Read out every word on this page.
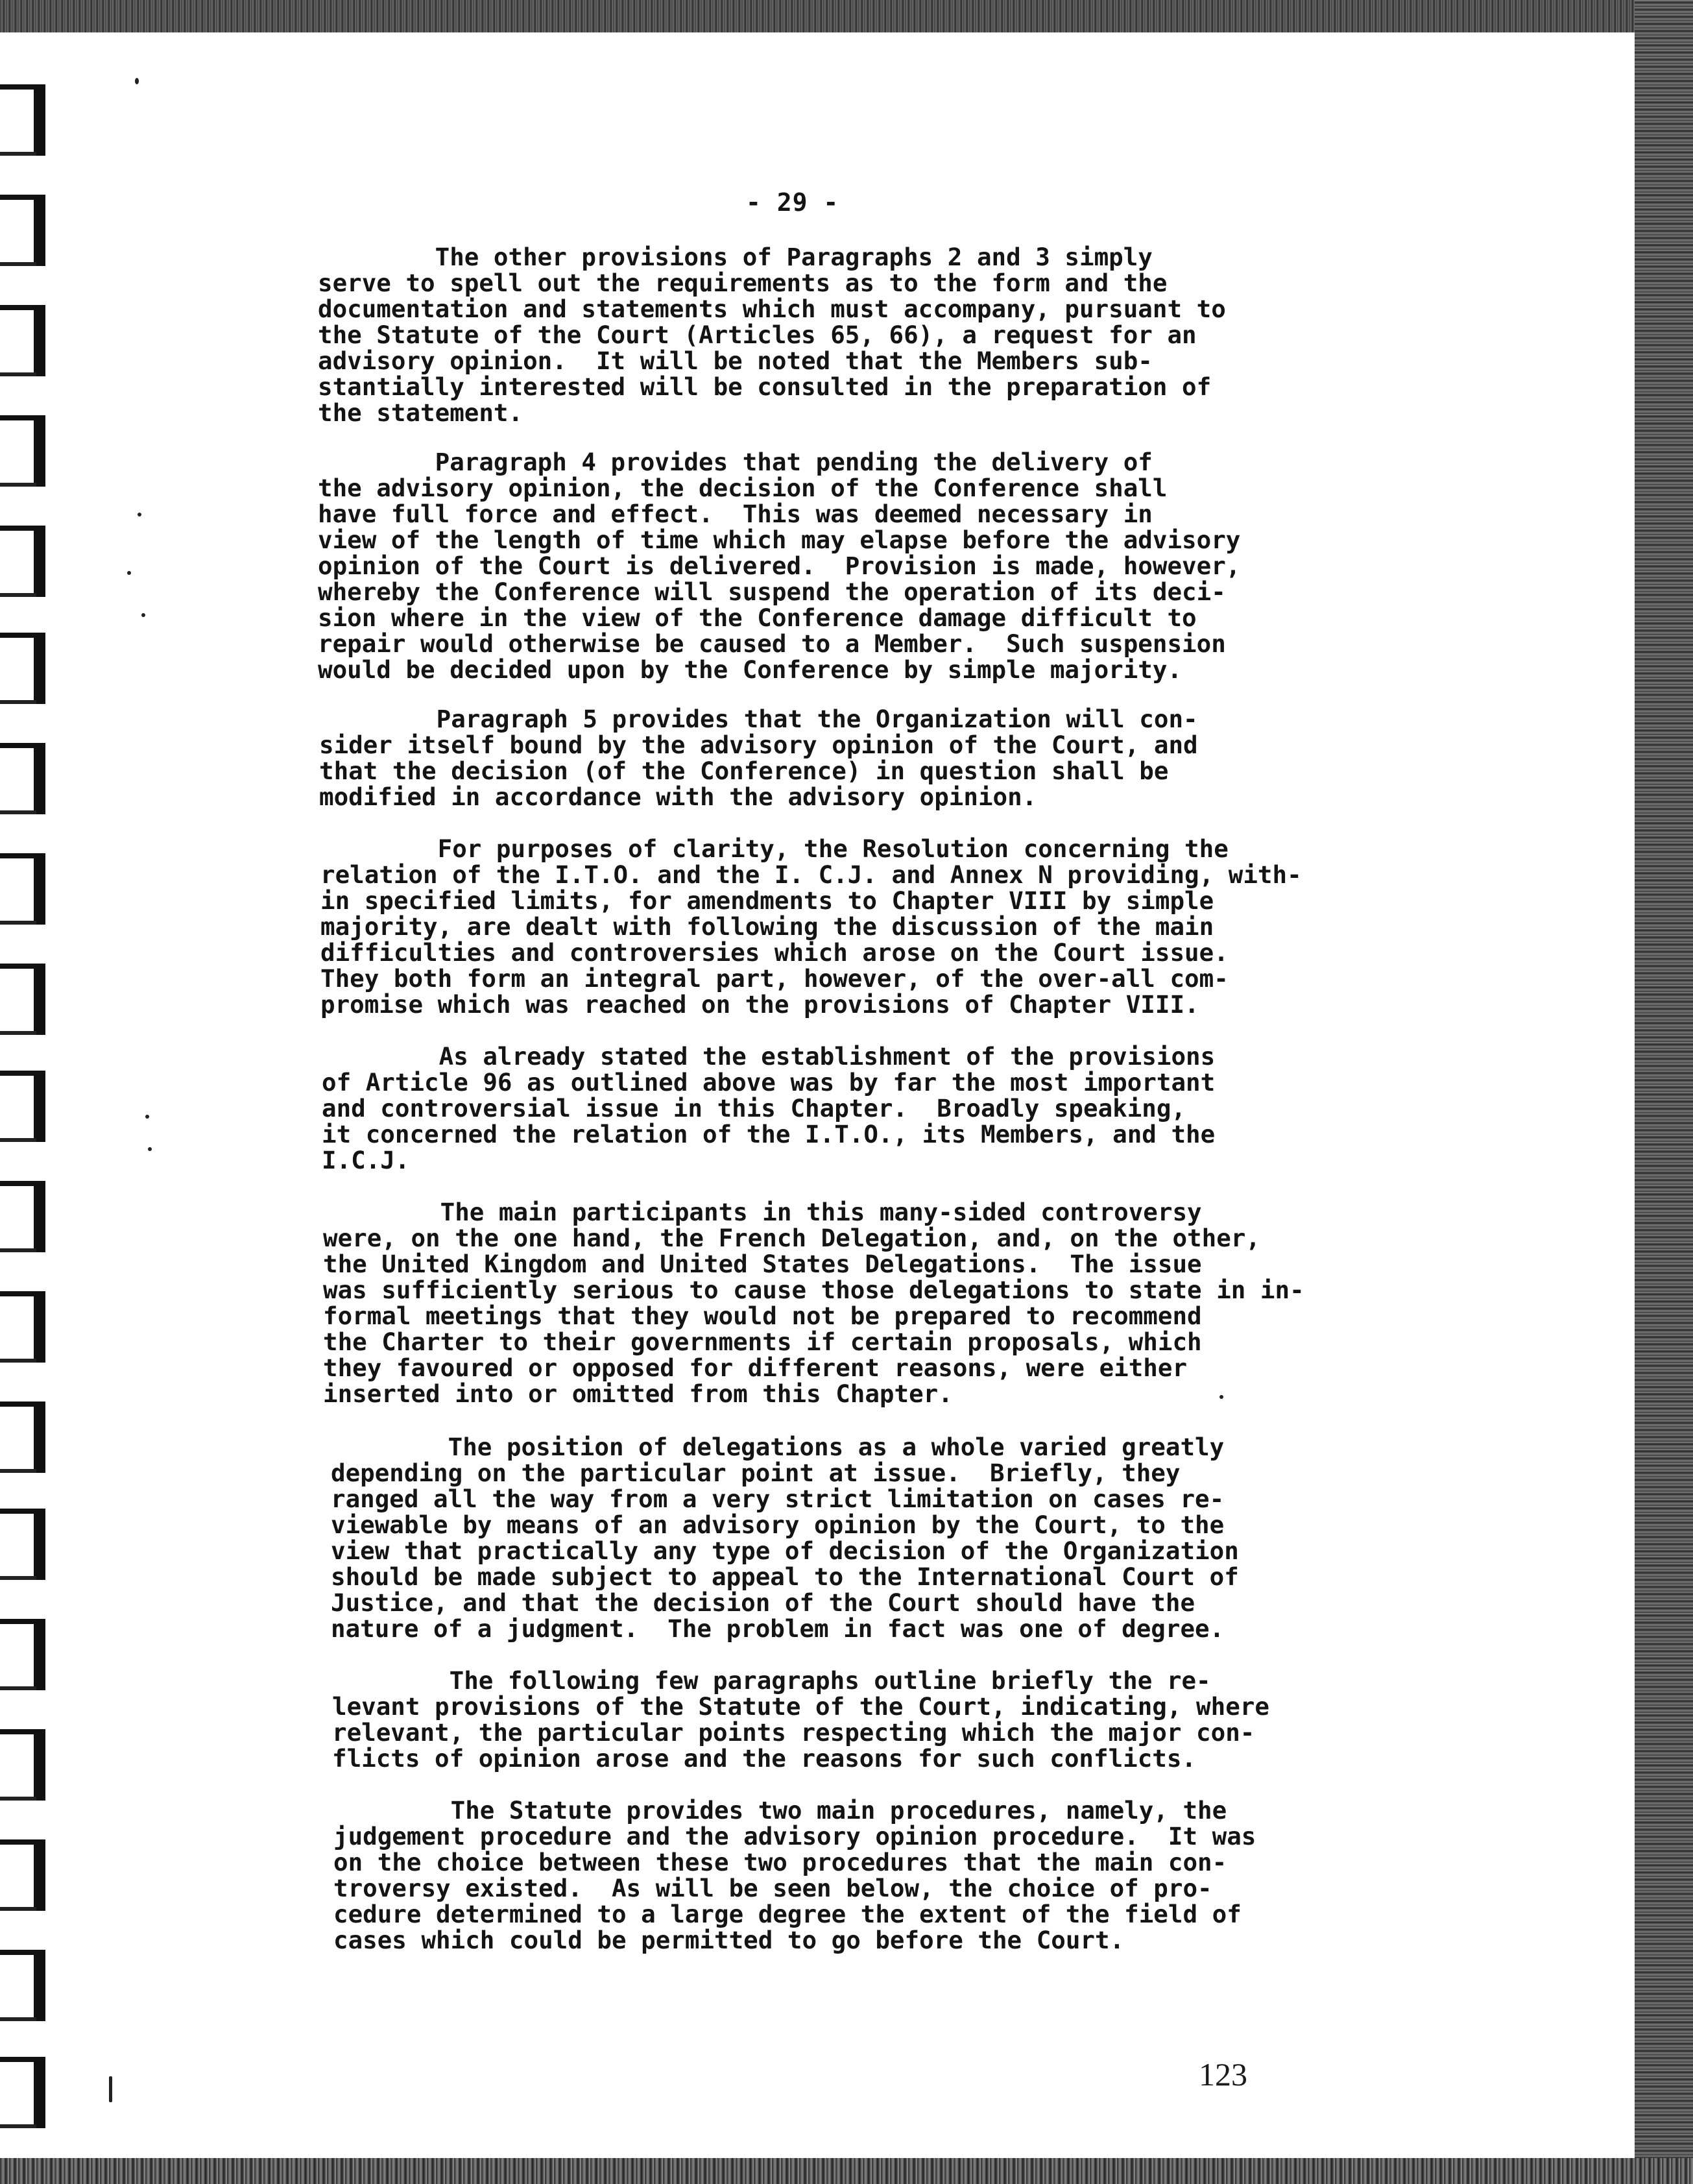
- 29 -
The other provisions of Paragraphs 2 and 3 simply
serve to spell out the requirements as to the form and the
documentation and statements which must accompany, pursuant to
the Statute of the Court (Articles 65, 66), a request for an
advisory opinion.  It will be noted that the Members sub-
stantially interested will be consulted in the preparation of
the statement.
Paragraph 4 provides that pending the delivery of
the advisory opinion, the decision of the Conference shall
have full force and effect.  This was deemed necessary in
view of the length of time which may elapse before the advisory
opinion of the Court is delivered.  Provision is made, however,
whereby the Conference will suspend the operation of its deci-
sion where in the view of the Conference damage difficult to
repair would otherwise be caused to a Member.  Such suspension
would be decided upon by the Conference by simple majority.
Paragraph 5 provides that the Organization will con-
sider itself bound by the advisory opinion of the Court, and
that the decision (of the Conference) in question shall be
modified in accordance with the advisory opinion.
For purposes of clarity, the Resolution concerning the
relation of the I.T.O. and the I. C.J. and Annex N providing, with-
in specified limits, for amendments to Chapter VIII by simple
majority, are dealt with following the discussion of the main
difficulties and controversies which arose on the Court issue.
They both form an integral part, however, of the over-all com-
promise which was reached on the provisions of Chapter VIII.
As already stated the establishment of the provisions
of Article 96 as outlined above was by far the most important
and controversial issue in this Chapter.  Broadly speaking,
it concerned the relation of the I.T.O., its Members, and the
I.C.J.
The main participants in this many-sided controversy
were, on the one hand, the French Delegation, and, on the other,
the United Kingdom and United States Delegations.  The issue
was sufficiently serious to cause those delegations to state in in-
formal meetings that they would not be prepared to recommend
the Charter to their governments if certain proposals, which
they favoured or opposed for different reasons, were either
inserted into or omitted from this Chapter.
The position of delegations as a whole varied greatly
depending on the particular point at issue.  Briefly, they
ranged all the way from a very strict limitation on cases re-
viewable by means of an advisory opinion by the Court, to the
view that practically any type of decision of the Organization
should be made subject to appeal to the International Court of
Justice, and that the decision of the Court should have the
nature of a judgment.  The problem in fact was one of degree.
The following few paragraphs outline briefly the re-
levant provisions of the Statute of the Court, indicating, where
relevant, the particular points respecting which the major con-
flicts of opinion arose and the reasons for such conflicts.
The Statute provides two main procedures, namely, the
judgement procedure and the advisory opinion procedure.  It was
on the choice between these two procedures that the main con-
troversy existed.  As will be seen below, the choice of pro-
cedure determined to a large degree the extent of the field of
cases which could be permitted to go before the Court.
123
